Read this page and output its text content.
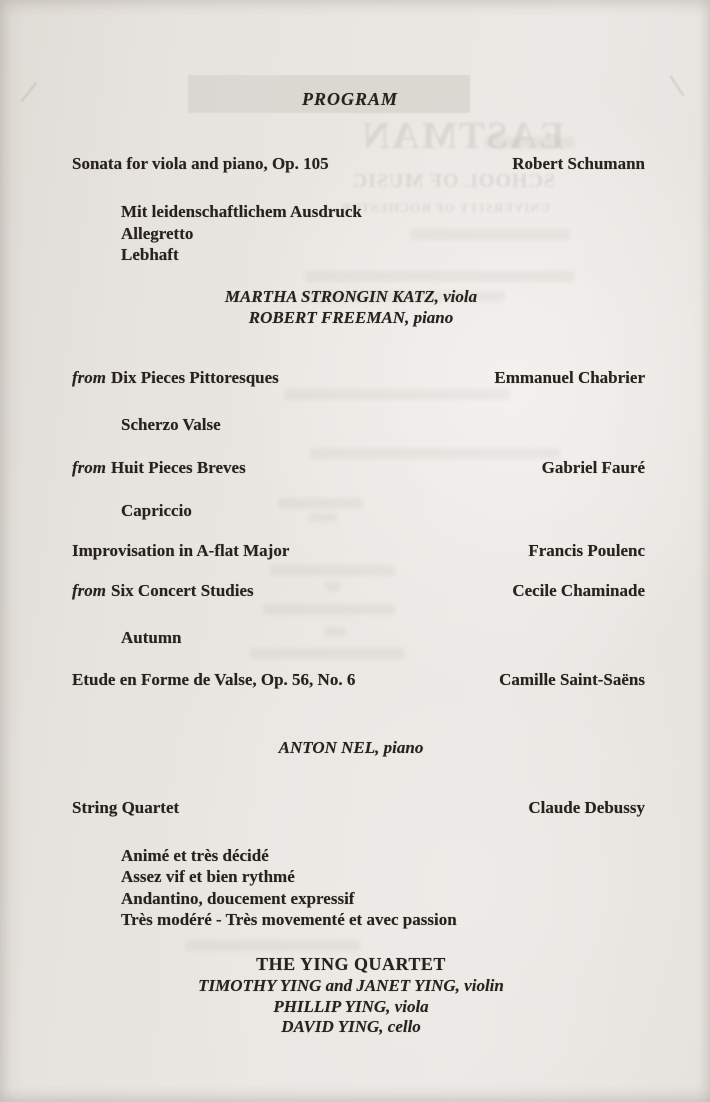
EASTMAN
SCHOOL OF MUSIC
UNIVERSITY OF ROCHESTER
PROGRAM
Sonata for viola and piano, Op. 105	Robert Schumann
Mit leidenschaftlichem Ausdruck
Allegretto
Lebhaft
MARTHA STRONGIN KATZ, viola
ROBERT FREEMAN, piano
from Dix Pieces Pittoresques	Emmanuel Chabrier
Scherzo Valse
from Huit Pieces Breves	Gabriel Fauré
Capriccio
Improvisation in A-flat Major	Francis Poulenc
from Six Concert Studies	Cecile Chaminade
Autumn
Etude en Forme de Valse, Op. 56, No. 6	Camille Saint-Saëns
ANTON NEL, piano
String Quartet	Claude Debussy
Animé et très décidé
Assez vif et bien rythmé
Andantino, doucement expressif
Très modéré - Très movementé et avec passion
THE YING QUARTET
TIMOTHY YING and JANET YING, violin
PHILLIP YING, viola
DAVID YING, cello
